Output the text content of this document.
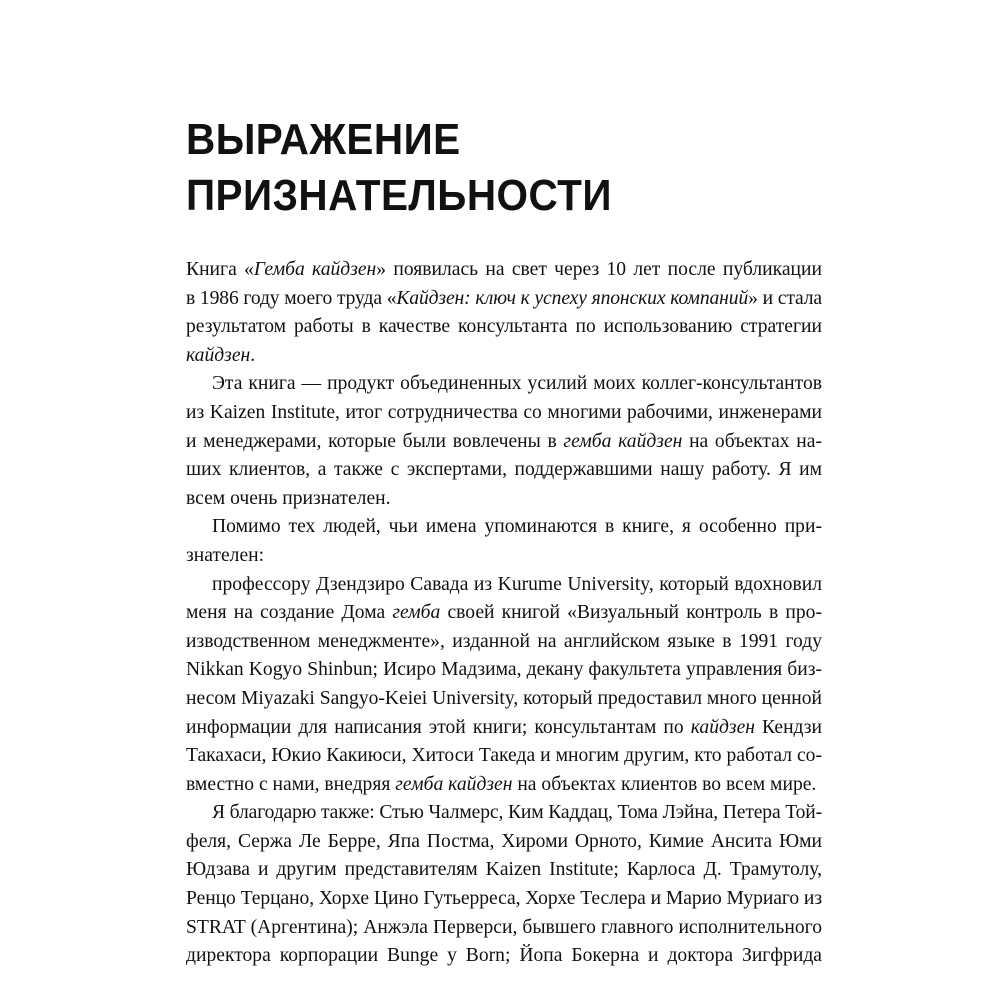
ВЫРАЖЕНИЕ
ПРИЗНАТЕЛЬНОСТИ
Книга «Гемба кайдзен» появилась на свет через 10 лет после публикации
в 1986 году моего труда «Кайдзен: ключ к успеху японских компаний» и стала
результатом работы в качестве консультанта по использованию стратегии
кайдзен.
Эта книга — продукт объединенных усилий моих коллег-консультантов
из Kaizen Institute, итог сотрудничества со многими рабочими, инженерами
и менеджерами, которые были вовлечены в гемба кайдзен на объектах на-
ших клиентов, а также с экспертами, поддержавшими нашу работу. Я им
всем очень признателен.
Помимо тех людей, чьи имена упоминаются в книге, я особенно при-
знателен:
профессору Дзендзиро Савада из Kurume University, который вдохновил
меня на создание Дома гемба своей книгой «Визуальный контроль в про-
изводственном менеджменте», изданной на английском языке в 1991 году
Nikkan Kogyo Shinbun; Исиро Мадзима, декану факультета управления биз-
несом Miyazaki Sangyo-Keiei University, который предоставил много ценной
информации для написания этой книги; консультантам по кайдзен Кендзи
Такахаси, Юкио Какиюси, Хитоси Такеда и многим другим, кто работал со-
вместно с нами, внедряя гемба кайдзен на объектах клиентов во всем мире.
Я благодарю также: Стью Чалмерс, Ким Каддац, Тома Лэйна, Петера Той-
феля, Сержа Ле Берре, Япа Постма, Хироми Орното, Кимие Ансита Юми
Юдзава и другим представителям Kaizen Institute; Карлоса Д. Трамутолу,
Ренцо Терцано, Хорхе Цино Гутьерреса, Хорхе Теслера и Марио Муриаго из
STRAT (Аргентина); Анжэла Перверси, бывшего главного исполнительного
директора корпорации Bunge y Born; Йопа Бокерна и доктора Зигфрида
